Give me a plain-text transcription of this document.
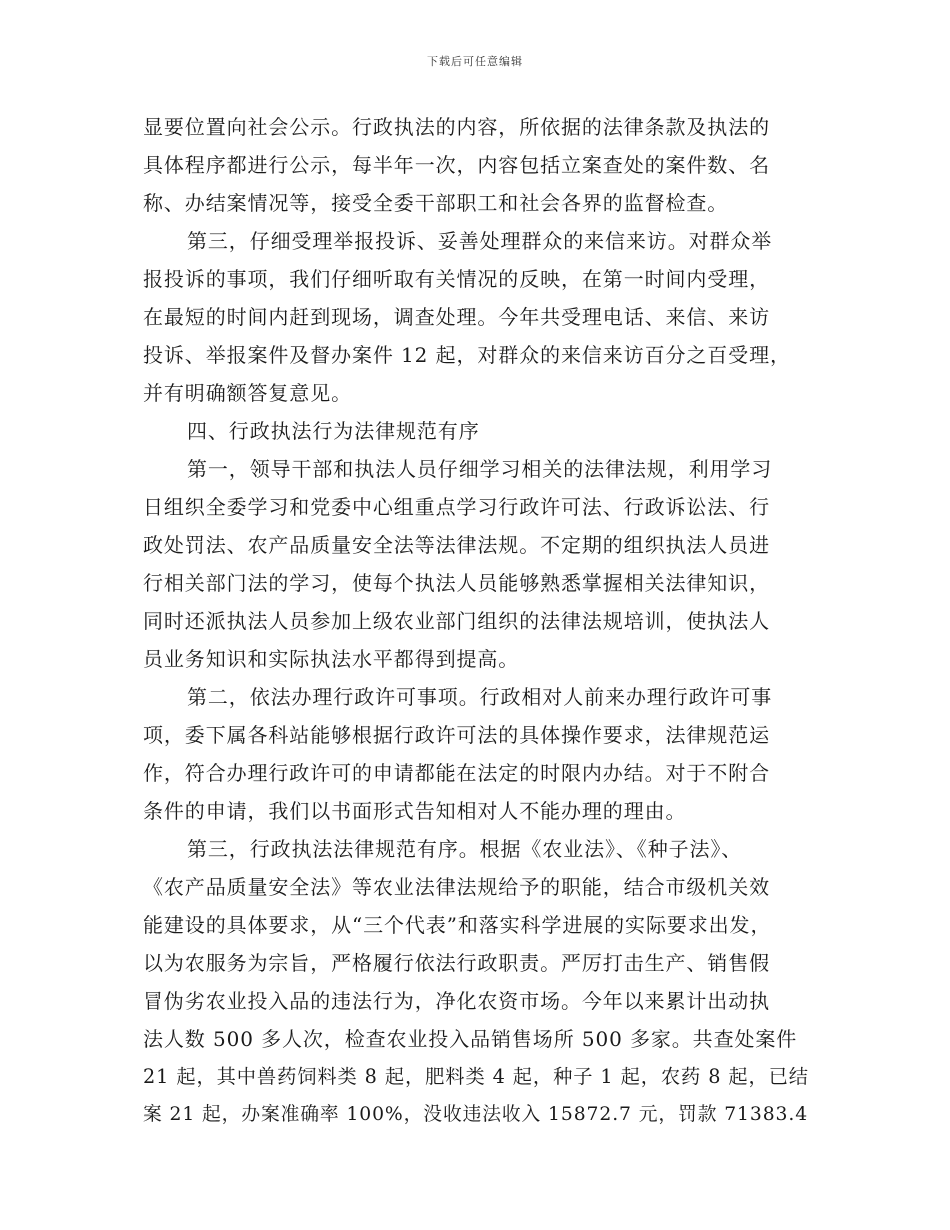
下载后可任意编辑
显要位置向社会公示。行政执法的内容，所依据的法律条款及执法的
具体程序都进行公示，每半年一次，内容包括立案查处的案件数、名
称、办结案情况等，接受全委干部职工和社会各界的监督检查。
第三，仔细受理举报投诉、妥善处理群众的来信来访。对群众举
报投诉的事项，我们仔细听取有关情况的反映，在第一时间内受理，
在最短的时间内赶到现场，调查处理。今年共受理电话、来信、来访
投诉、举报案件及督办案件 12 起，对群众的来信来访百分之百受理，
并有明确额答复意见。
四、行政执法行为法律规范有序
第一，领导干部和执法人员仔细学习相关的法律法规，利用学习
日组织全委学习和党委中心组重点学习行政许可法、行政诉讼法、行
政处罚法、农产品质量安全法等法律法规。不定期的组织执法人员进
行相关部门法的学习，使每个执法人员能够熟悉掌握相关法律知识，
同时还派执法人员参加上级农业部门组织的法律法规培训，使执法人
员业务知识和实际执法水平都得到提高。
第二，依法办理行政许可事项。行政相对人前来办理行政许可事
项，委下属各科站能够根据行政许可法的具体操作要求，法律规范运
作，符合办理行政许可的申请都能在法定的时限内办结。对于不附合
条件的申请，我们以书面形式告知相对人不能办理的理由。
第三，行政执法法律规范有序。根据《农业法》、《种子法》、
《农产品质量安全法》等农业法律法规给予的职能，结合市级机关效
能建设的具体要求，从“三个代表”和落实科学进展的实际要求出发，
以为农服务为宗旨，严格履行依法行政职责。严厉打击生产、销售假
冒伪劣农业投入品的违法行为，净化农资市场。今年以来累计出动执
法人数 500 多人次，检查农业投入品销售场所 500 多家。共查处案件
21 起，其中兽药饲料类 8 起，肥料类 4 起，种子 1 起，农药 8 起，已结
案 21 起，办案准确率 100%，没收违法收入 15872.7 元，罚款 71383.4
